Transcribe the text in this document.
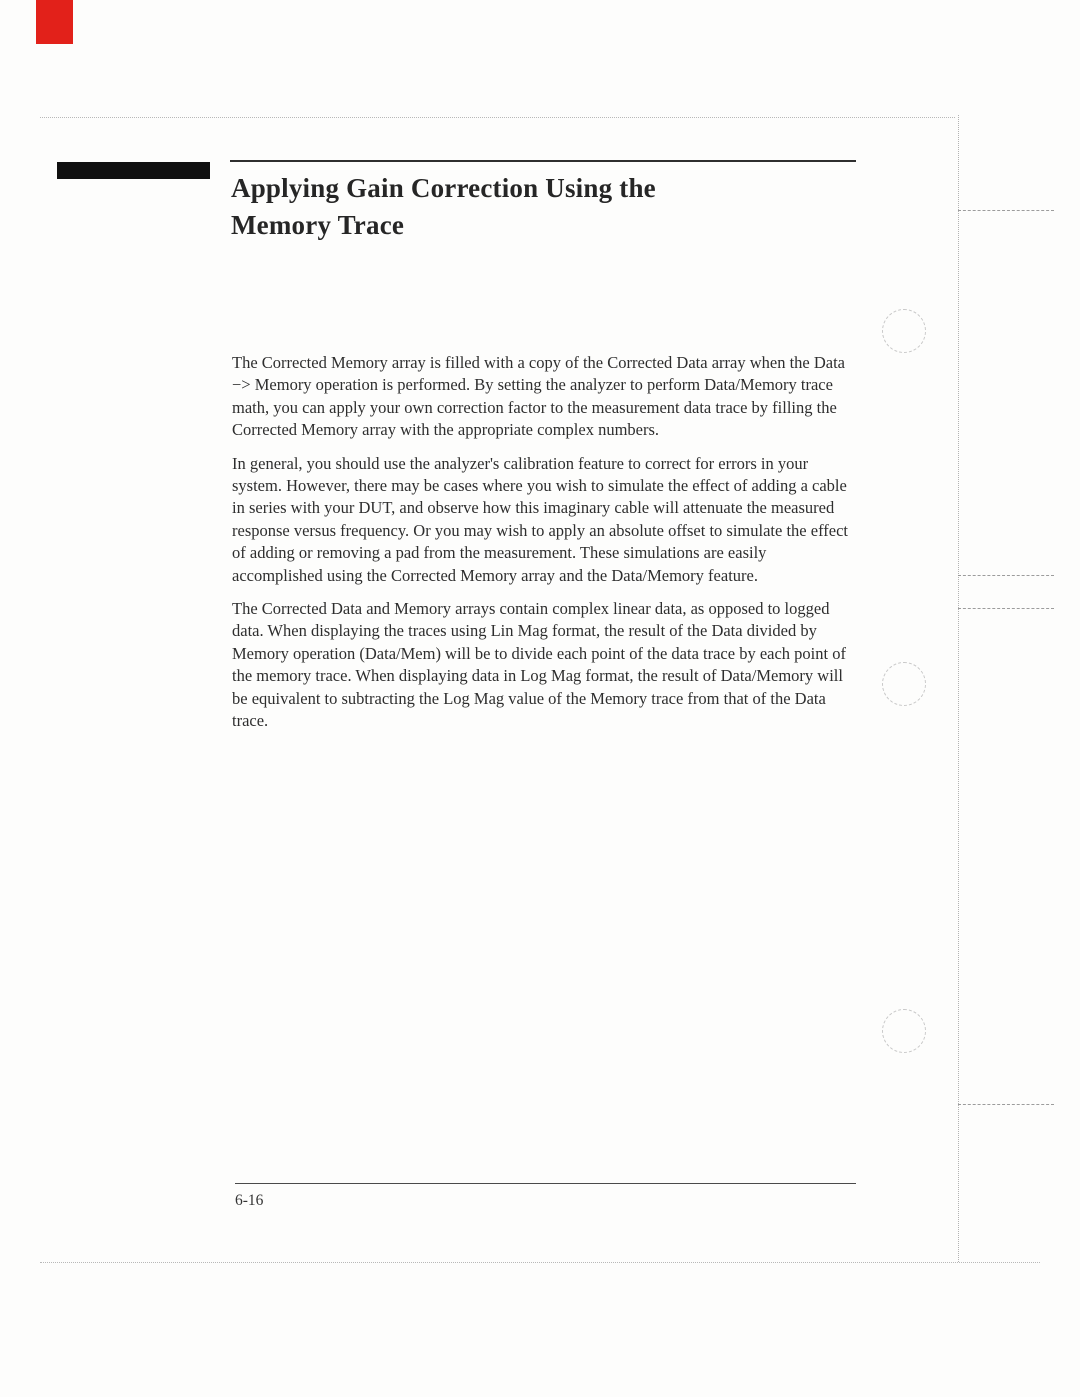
Applying Gain Correction Using the
Memory Trace

The Corrected Memory array is filled with a copy of the Corrected Data array when the Data −> Memory operation is performed. By setting the analyzer to perform Data/Memory trace math, you can apply your own correction factor to the measurement data trace by filling the Corrected Memory array with the appropriate complex numbers.

In general, you should use the analyzer's calibration feature to correct for errors in your system. However, there may be cases where you wish to simulate the effect of adding a cable in series with your DUT, and observe how this imaginary cable will attenuate the measured response versus frequency. Or you may wish to apply an absolute offset to simulate the effect of adding or removing a pad from the measurement. These simulations are easily accomplished using the Corrected Memory array and the Data/Memory feature.

The Corrected Data and Memory arrays contain complex linear data, as opposed to logged data. When displaying the traces using Lin Mag format, the result of the Data divided by Memory operation (Data/Mem) will be to divide each point of the data trace by each point of the memory trace. When displaying data in Log Mag format, the result of Data/Memory will be equivalent to subtracting the Log Mag value of the Memory trace from that of the Data trace.

6-16
